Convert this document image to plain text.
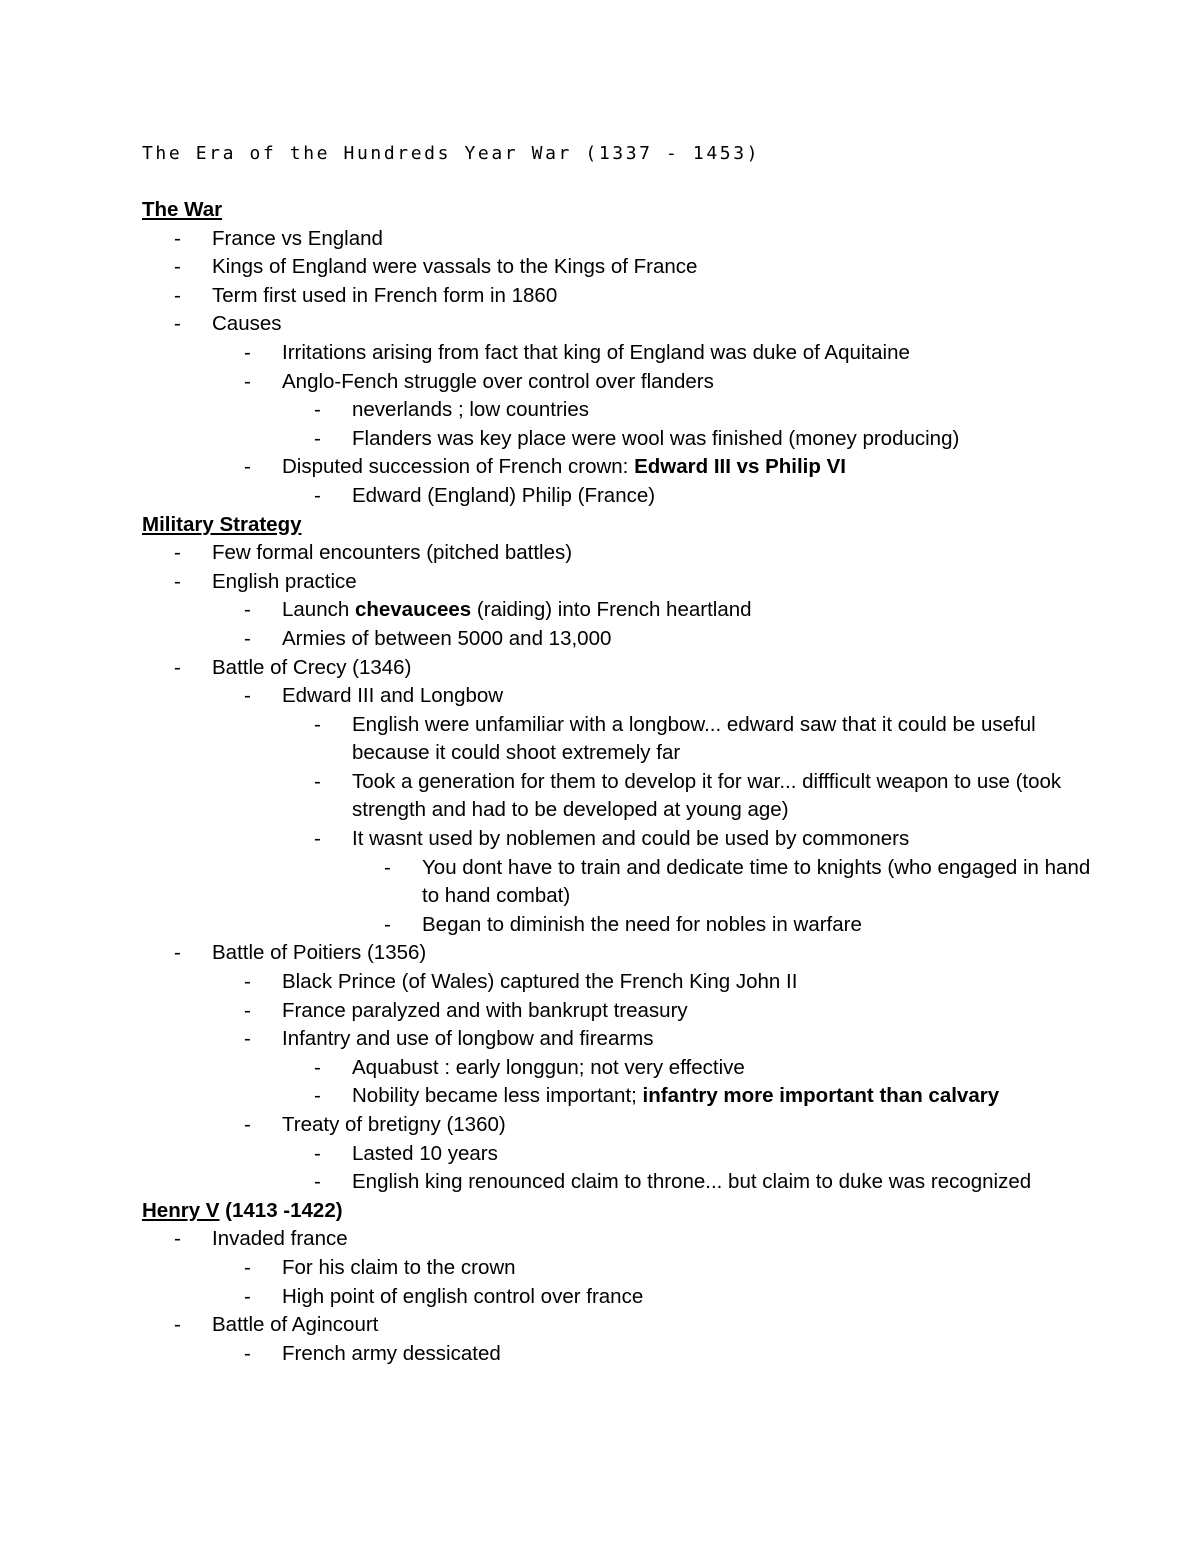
The Era of the Hundreds Year War (1337 - 1453)
The War
- France vs England
- Kings of England were vassals to the Kings of France
- Term first used in French form in 1860
- Causes
- Irritations arising from fact that king of England was duke of Aquitaine
- Anglo-Fench struggle over control over flanders
- neverlands ; low countries
- Flanders was key place were wool was finished (money producing)
- Disputed succession of French crown: Edward III vs Philip VI
- Edward (England) Philip (France)
Military Strategy
- Few formal encounters (pitched battles)
- English practice
- Launch chevaucees (raiding) into French heartland
- Armies of between 5000 and 13,000
- Battle of Crecy (1346)
- Edward III and Longbow
- English were unfamiliar with a longbow... edward saw that it could be useful because it could shoot extremely far
- Took a generation for them to develop it for war... diffficult weapon to use (took strength and had to be developed at young age)
- It wasnt used by noblemen and could be used by commoners
- You dont have to train and dedicate time to knights (who engaged in hand to hand combat)
- Began to diminish the need for nobles in warfare
- Battle of Poitiers (1356)
- Black Prince (of Wales) captured the French King John II
- France paralyzed and with bankrupt treasury
- Infantry and use of longbow and firearms
- Aquabust : early longgun; not very effective
- Nobility became less important; infantry more important than calvary
- Treaty of bretigny (1360)
- Lasted 10 years
- English king renounced claim to throne... but claim to duke was recognized
Henry V (1413 -1422)
- Invaded france
- For his claim to the crown
- High point of english control over france
- Battle of Agincourt
- French army dessicated
